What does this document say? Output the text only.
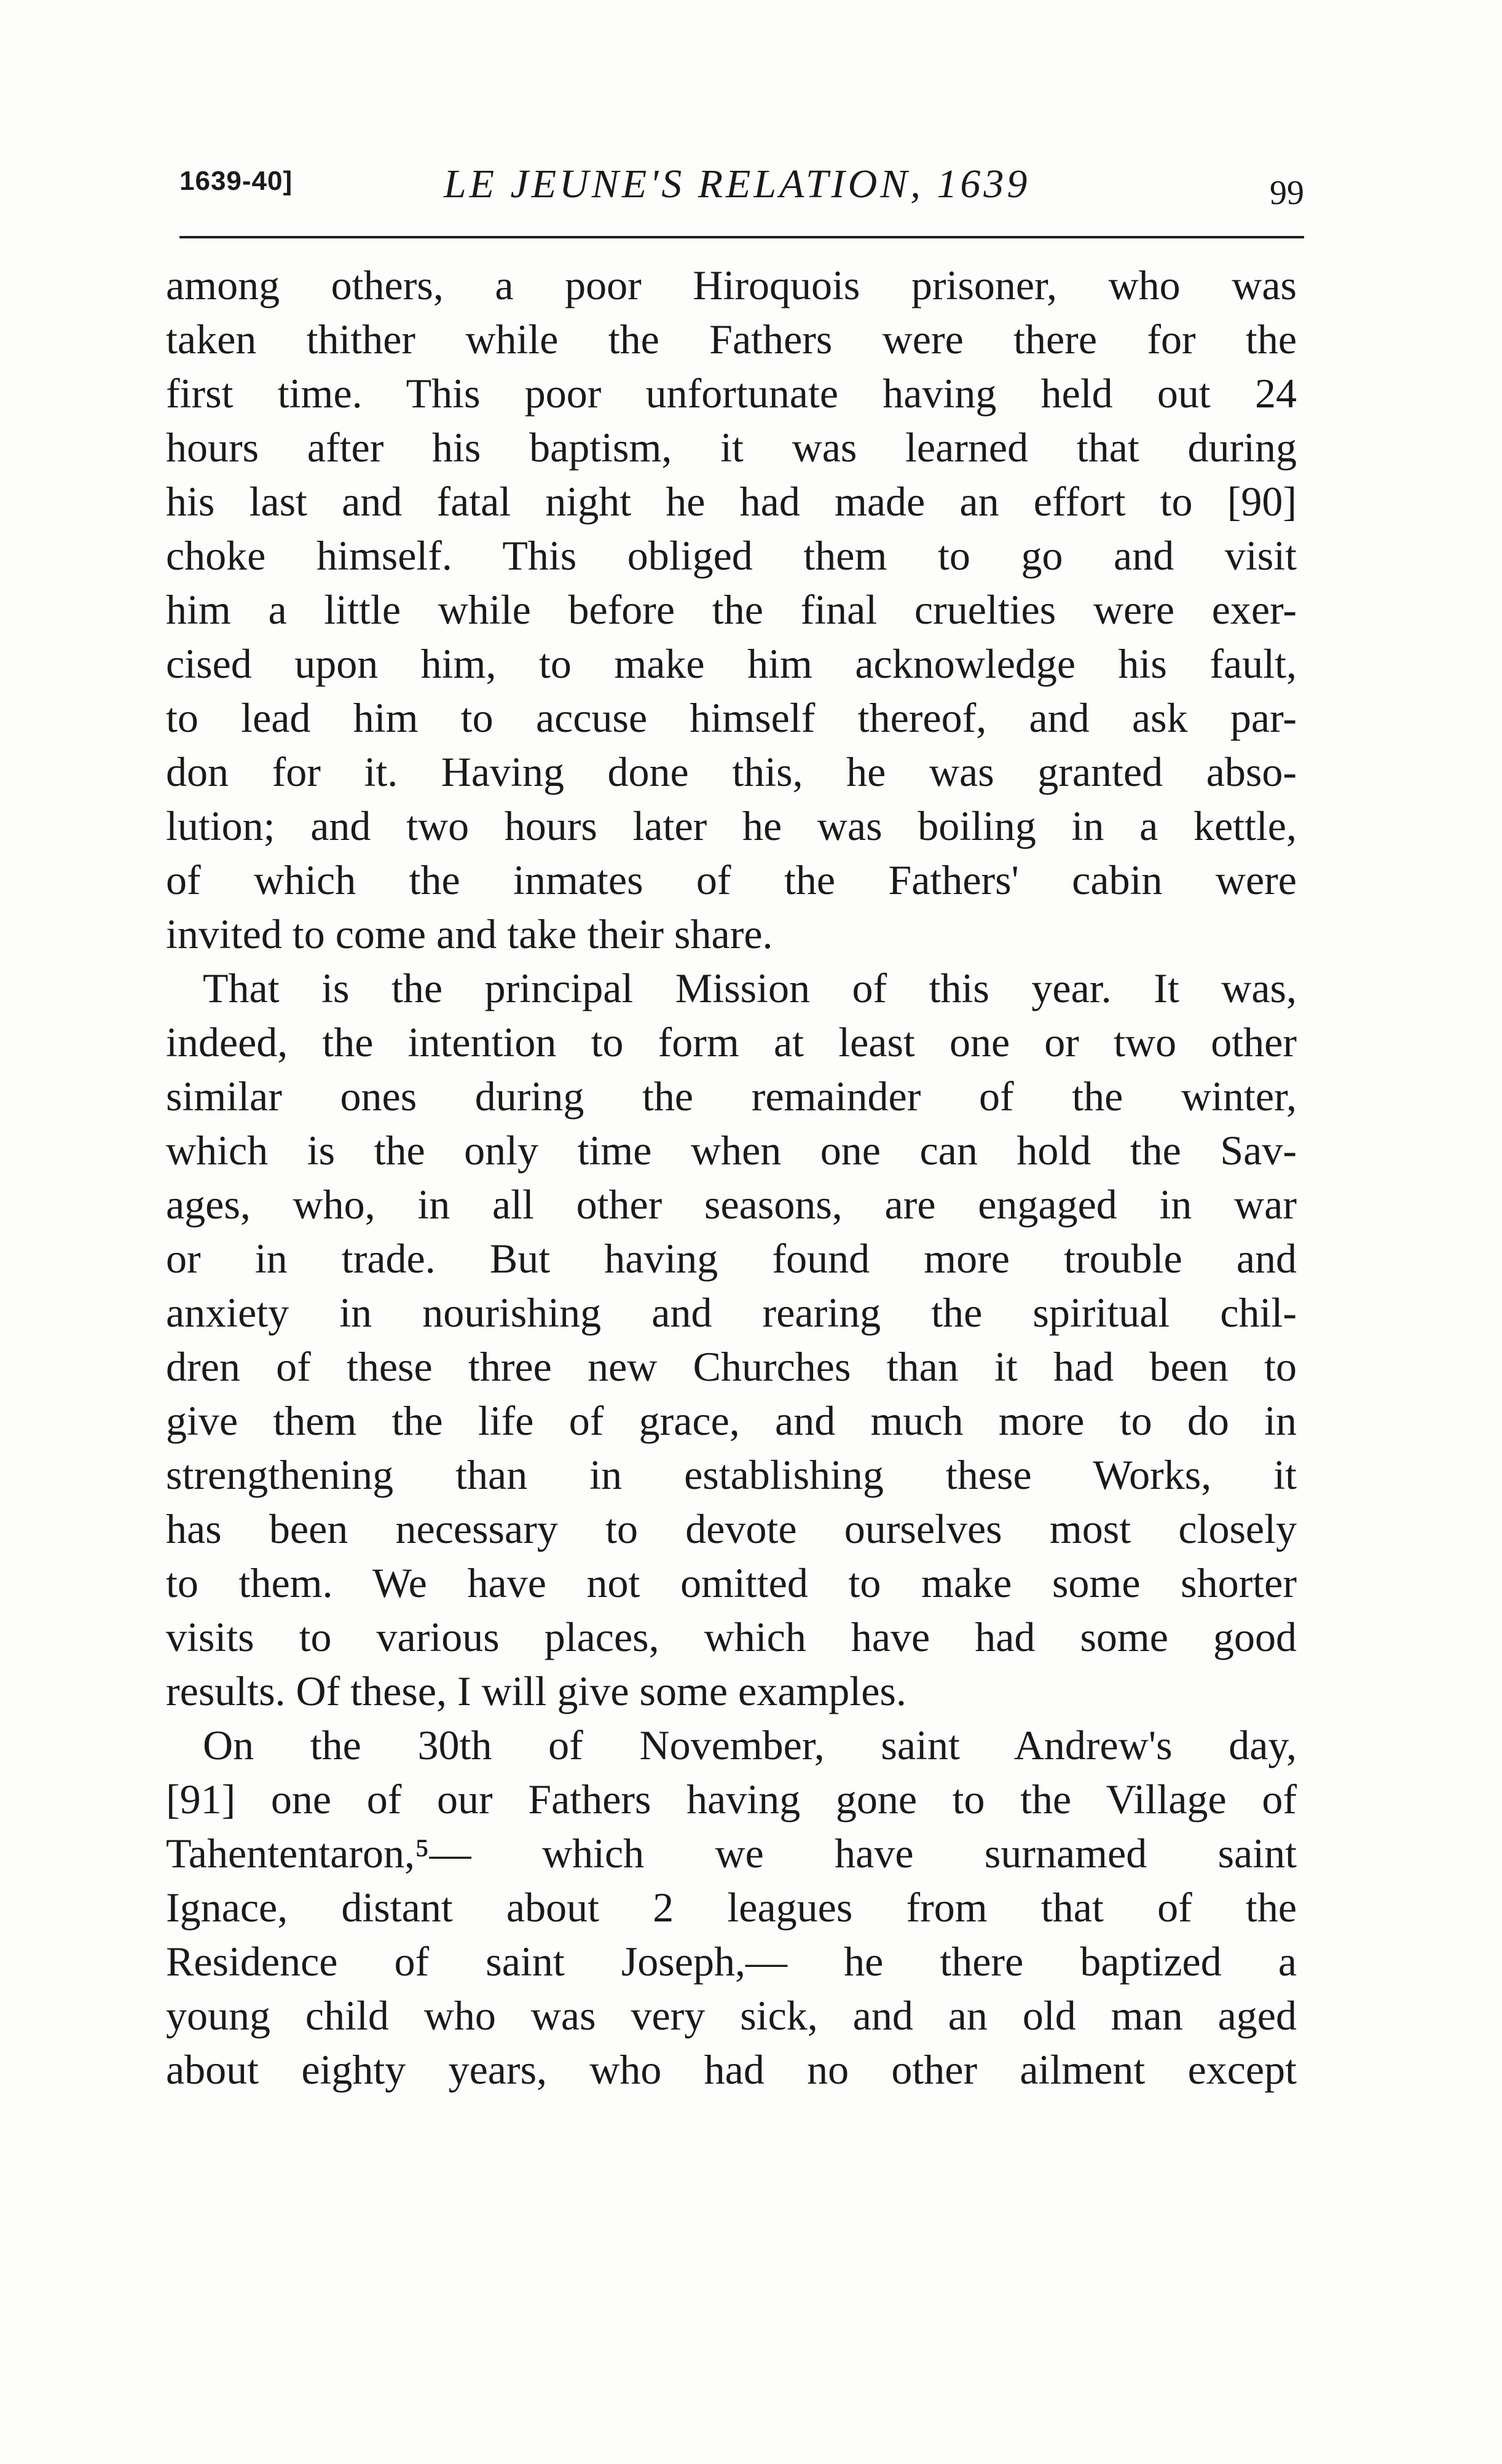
1639-40]	LE JEUNE'S RELATION, 1639	99
among others, a poor Hiroquois prisoner, who was
taken thither while the Fathers were there for the
first time. This poor unfortunate having held out 24
hours after his baptism, it was learned that during
his last and fatal night he had made an effort to [90]
choke himself. This obliged them to go and visit
him a little while before the final cruelties were exer-
cised upon him, to make him acknowledge his fault,
to lead him to accuse himself thereof, and ask par-
don for it. Having done this, he was granted abso-
lution; and two hours later he was boiling in a kettle,
of which the inmates of the Fathers' cabin were
invited to come and take their share.
That is the principal Mission of this year. It was,
indeed, the intention to form at least one or two other
similar ones during the remainder of the winter,
which is the only time when one can hold the Sav-
ages, who, in all other seasons, are engaged in war
or in trade. But having found more trouble and
anxiety in nourishing and rearing the spiritual chil-
dren of these three new Churches than it had been to
give them the life of grace, and much more to do in
strengthening than in establishing these Works, it
has been necessary to devote ourselves most closely
to them. We have not omitted to make some shorter
visits to various places, which have had some good
results. Of these, I will give some examples.
On the 30th of November, saint Andrew's day,
[91] one of our Fathers having gone to the Village of
Tahententaron,⁵— which we have surnamed saint
Ignace, distant about 2 leagues from that of the
Residence of saint Joseph,— he there baptized a
young child who was very sick, and an old man aged
about eighty years, who had no other ailment except
